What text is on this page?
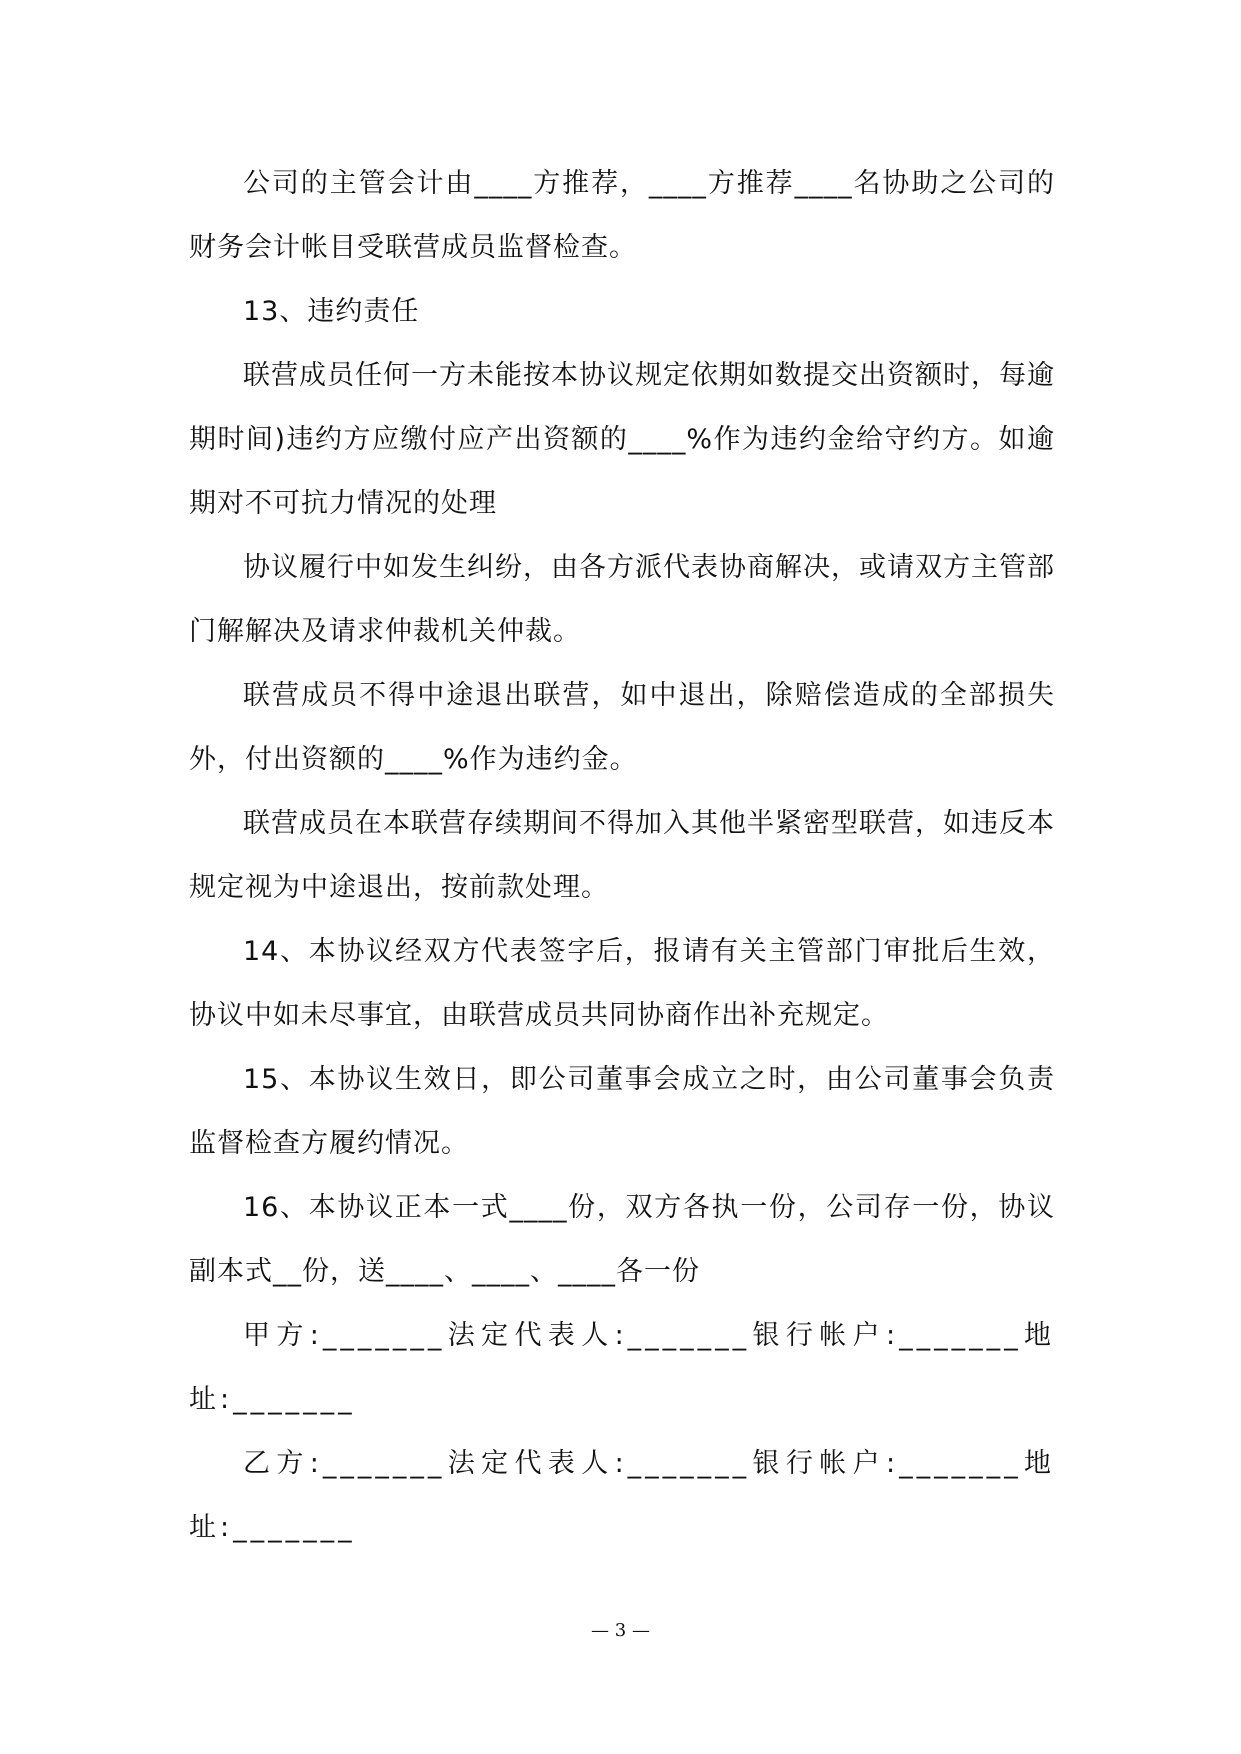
公司的主管会计由____方推荐，____方推荐____名协助之公司的财务会计帐目受联营成员监督检查。

13、违约责任

联营成员任何一方未能按本协议规定依期如数提交出资额时，每逾期时间)违约方应缴付应产出资额的____%作为违约金给守约方。如逾期对不可抗力情况的处理

协议履行中如发生纠纷，由各方派代表协商解决，或请双方主管部门解解决及请求仲裁机关仲裁。

联营成员不得中途退出联营，如中退出，除赔偿造成的全部损失外，付出资额的____%作为违约金。

联营成员在本联营存续期间不得加入其他半紧密型联营，如违反本规定视为中途退出，按前款处理。

14、本协议经双方代表签字后，报请有关主管部门审批后生效，协议中如未尽事宜，由联营成员共同协商作出补充规定。

15、本协议生效日，即公司董事会成立之时，由公司董事会负责监督检查方履约情况。

16、本协议正本一式____份，双方各执一份，公司存一份，协议副本式__份，送____、____、____各一份

甲方:_______法定代表人:_______银行帐户:_______地址:_______

乙方:_______法定代表人:_______银行帐户:_______地址:_______

— 3 —
